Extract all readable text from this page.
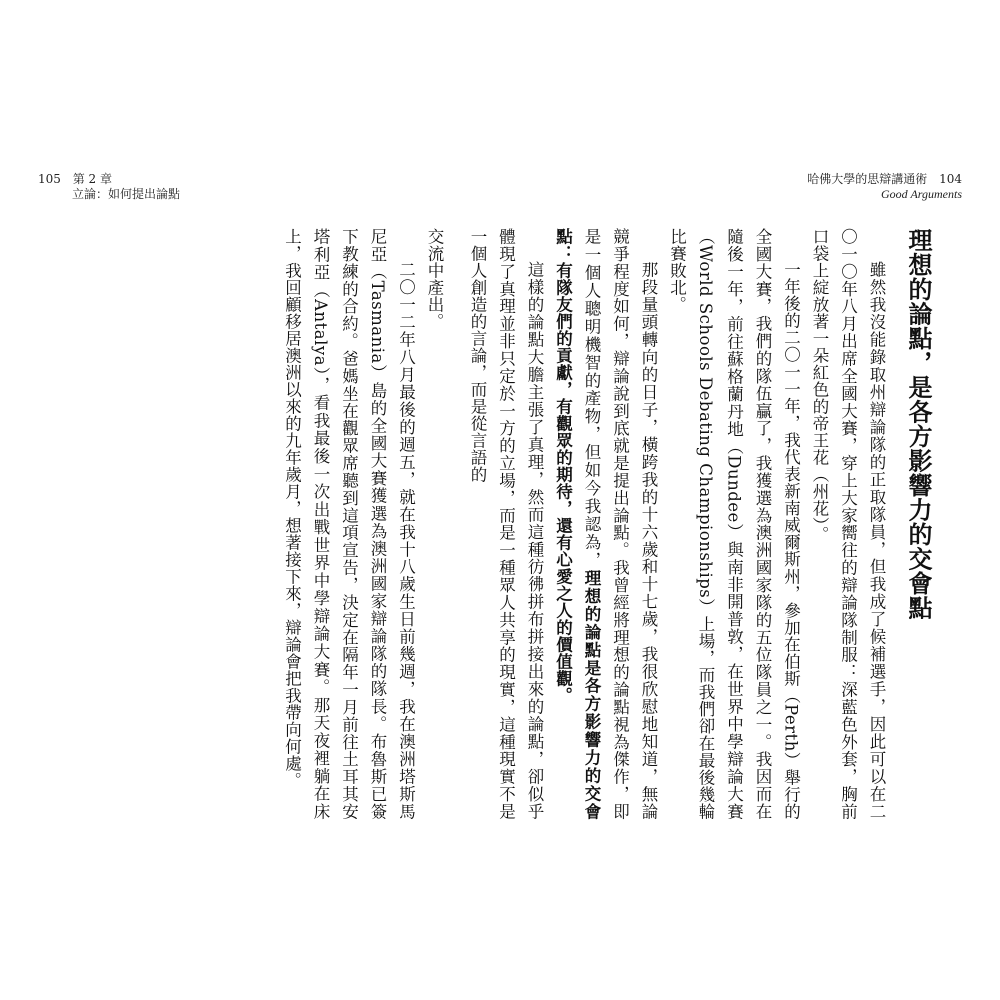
105 第 2 章
立論：如何提出論點
哈佛大學的思辯講通術 104
Good Arguments

理想的論點，是各方影響力的交會點

雖然我沒能錄取州辯論隊的正取隊員，但我成了候補選手，因此可以在二〇一〇年八月出席全國大賽，穿上大家嚮往的辯論隊制服：深藍色外套，胸前口袋上綻放著一朵紅色的帝王花（州花）。

一年後的二〇一一年，我代表新南威爾斯州，參加在伯斯（Perth）舉行的全國大賽，我們的隊伍贏了，我獲選為澳洲國家隊的五位隊員之一。我因而在隨後一年，前往蘇格蘭丹地（Dundee）與南非開普敦，在世界中學辯論大賽（World Schools Debating Championships）上場，而我們卻在最後幾輪比賽敗北。

那段量頭轉向的日子，橫跨我的十六歲和十七歲，我很欣慰地知道，無論競爭程度如何，辯論說到底就是提出論點。我曾經將理想的論點視為傑作，即是一個人聰明機智的產物，但如今我認為，理想的論點是各方影響力的交會點：有隊友們的貢獻，有觀眾的期待，還有心愛之人的價值觀。

這樣的論點大膽主張了真理，然而這種彷彿拼布拼接出來的論點，卻似乎體現了真理並非只定於一方的立場，而是一種眾人共享的現實，這種現實不是一個人創造的言論，而是從言語的

交流中產出。

二〇一二年八月最後的週五，就在我十八歲生日前幾週，我在澳洲塔斯馬尼亞（Tasmania）島的全國大賽獲選為澳洲國家辯論隊的隊長。布魯斯已簽下教練的合約。爸媽坐在觀眾席聽到這項宣告，決定在隔年一月前往土耳其安塔利亞（Antalya），看我最後一次出戰世界中學辯論大賽。那天夜裡躺在床上，我回顧移居澳洲以來的九年歲月，想著接下來，辯論會把我帶向何處。
